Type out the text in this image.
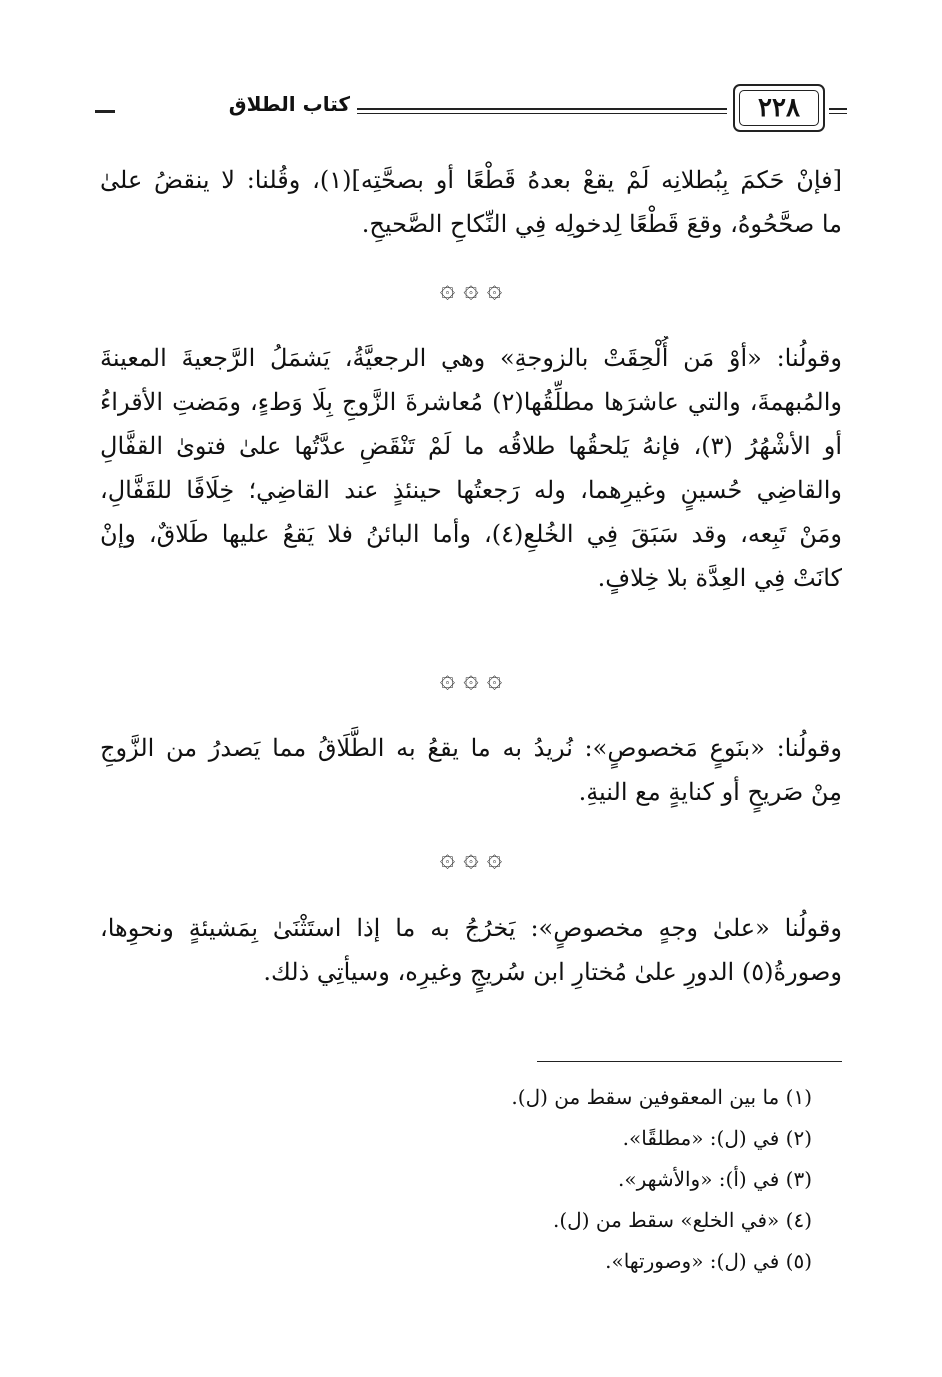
كتاب الطلاق	٢٢٨

[فإنْ حَكمَ بِبُطلانِه لَمْ يقعْ بعدهُ قَطْعًا أو بصحَّتِه](١)، وقُلنا: لا ينقضُ علىٰ
ما صحَّحُوهُ، وقعَ قَطْعًا لِدخولِه فِي النِّكاحِ الصَّحيحِ.

۞ ۞ ۞

وقولُنا: «أوْ مَن أُلْحِقَتْ بالزوجةِ» وهي الرجعيَّةُ، يَشمَلُ الرَّجعيةَ المعينةَ
والمُبهمةَ، والتي عاشرَها مطلِّقُها(٢) مُعاشرةَ الزَّوجِ بِلَا وَطءٍ، ومَضتِ الأقراءُ
أو الأشْهُرُ (٣)، فإنهُ يَلحقُها طلاقُه ما لَمْ تَنْقَضِ عدَّتُها علىٰ فتوىٰ القفَّالِ
والقاضِي حُسينٍ وغيرِهما، وله رَجعتُها حينئذٍ عند القاضِي؛ خِلَافًا للقَفَّالِ،
ومَنْ تَبِعه، وقد سَبَقَ فِي الخُلعِ(٤)، وأما البائنُ فلا يَقعُ عليها طَلاقٌ، وإنْ
كانَتْ فِي العِدَّة بلا خِلافٍ.

۞ ۞ ۞

وقولُنا: «بنَوعٍ مَخصوصٍ»: نُريدُ به ما يقعُ به الطَّلَاقُ مما يَصدرُ من الزَّوجِ
مِنْ صَريحٍ أو كنايةٍ مع النيةِ.

۞ ۞ ۞

وقولُنا «علىٰ وجهٍ مخصوصٍ»: يَخرُجُ به ما إذا استَثْنَىٰ بِمَشيئةٍ ونحوِها،
وصورةُ(٥) الدورِ علىٰ مُختارِ ابن سُريجٍ وغيرِه، وسيأتِي ذلك.

(١) ما بين المعقوفين سقط من (ل).
(٢) في (ل): «مطلقًا».
(٣) في (أ): «والأشهر».
(٤) «في الخلع» سقط من (ل).
(٥) في (ل): «وصورتها».
